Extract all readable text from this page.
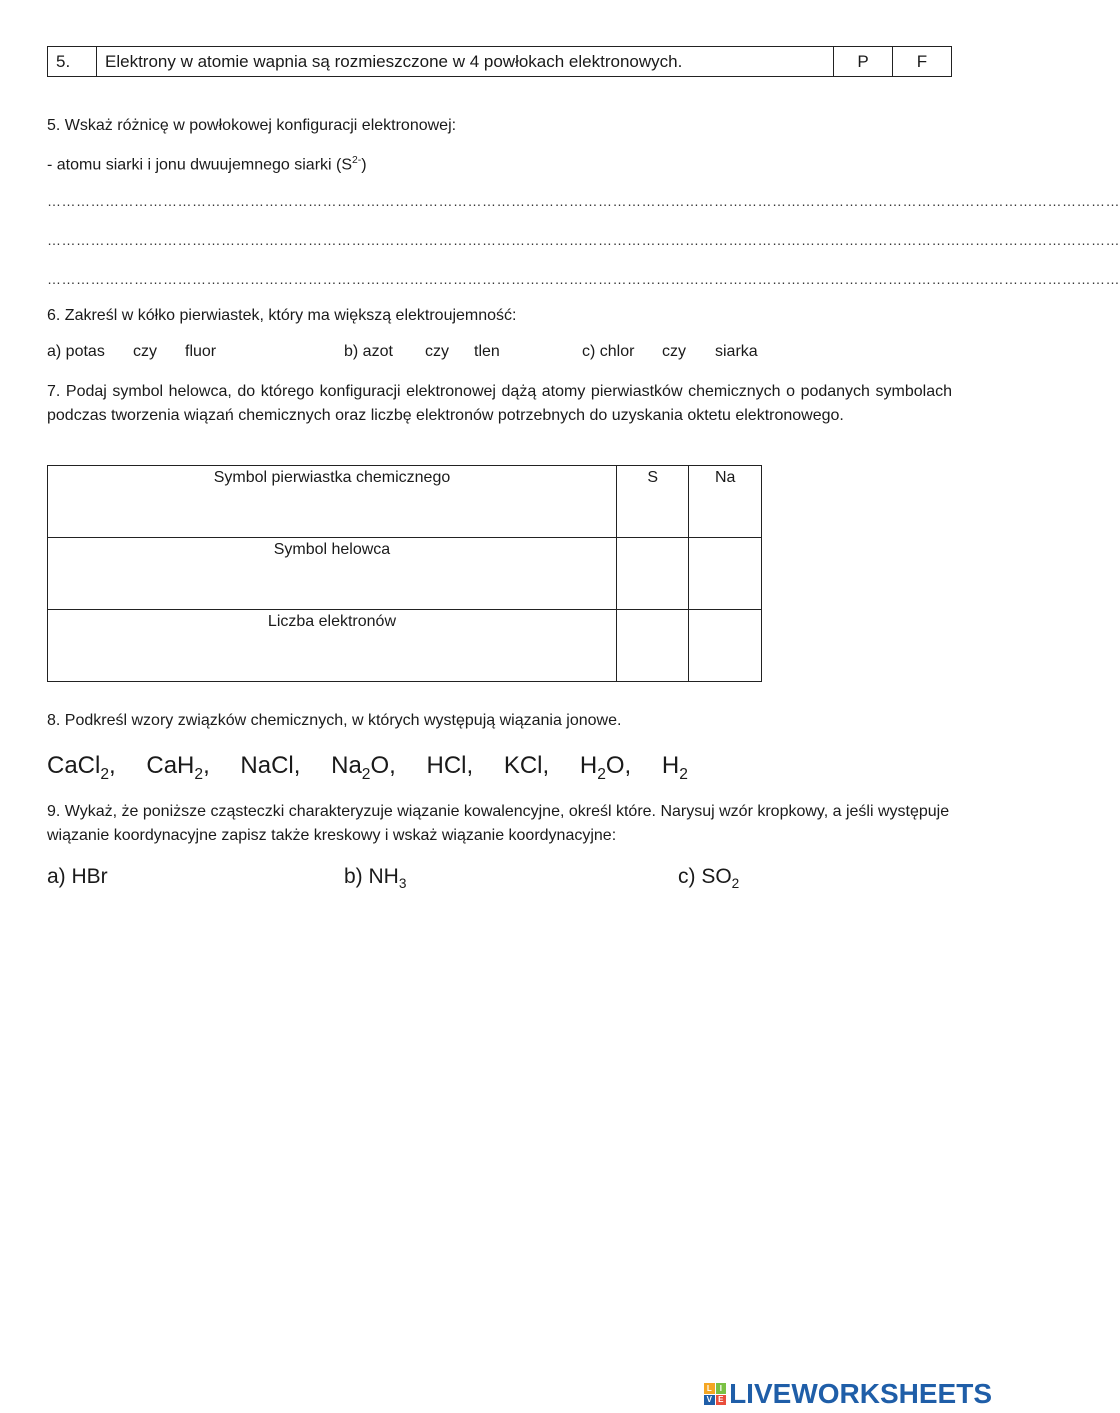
5.	Elektrony w atomie wapnia są rozmieszczone w 4 powłokach elektronowych.	P	F
5. Wskaż różnicę w powłokowej konfiguracji elektronowej:
- atomu siarki i jonu dwuujemnego siarki $(S^{2-})$
……………………………………………………………………………………………………………………………………………………………………………………………………
……………………………………………………………………………………………………………………………………………………………………………………………………
……………………………………………………………………………………………………………………………………………………………………………………………………
6. Zakreśl w kółko pierwiastek, który ma większą elektroujemność:
a) potas czy fluor	b) azot czy tlen	c) chlor czy siarka
7. Podaj symbol helowca, do którego konfiguracji elektronowej dążą atomy pierwiastków chemicznych o podanych symbolach podczas tworzenia wiązań chemicznych oraz liczbę elektronów potrzebnych do uzyskania oktetu elektronowego.
Symbol pierwiastka chemicznego	S	Na
Symbol helowca		
Liczba elektronów		
8. Podkreśl wzory związków chemicznych, w których występują wiązania jonowe.
CaCl$_2$, CaH$_2$, NaCl, $Na_2O$, HCl, KCl, $H_2O$, $H_2$
9. Wykaż, że poniższe cząsteczki charakteryzuje wiązanie kowalencyjne, określ które. Narysuj wzór kropkowy, a jeśli występuje wiązanie koordynacyjne zapisz także kreskowy i wskaż wiązanie koordynacyjne:
a) HBr	b) $NH_3$	c) $SO_2$
L I
V E LIVEWORKSHEETS
